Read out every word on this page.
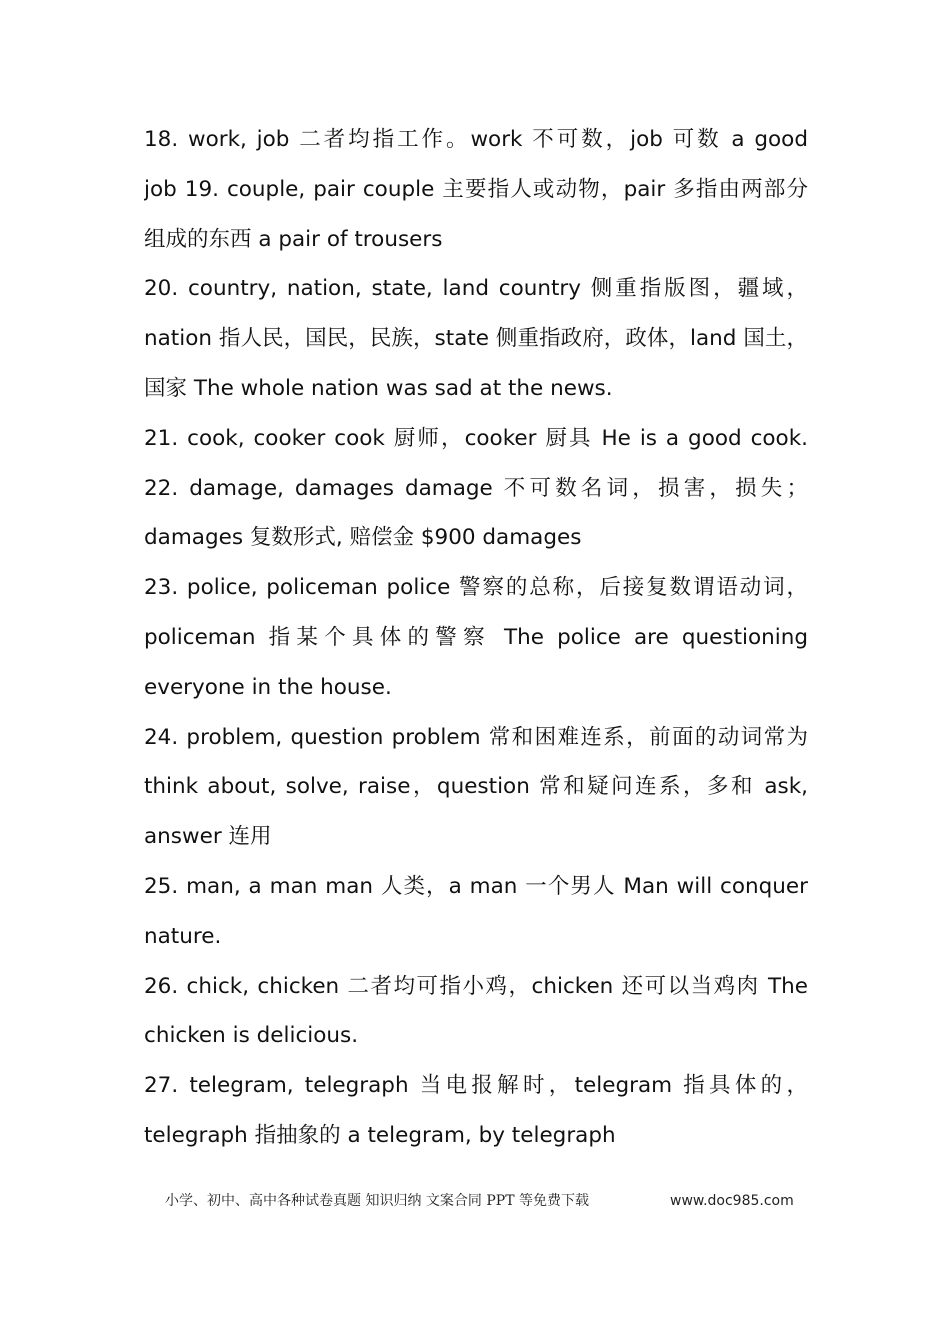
18. work, job 二者均指工作。work 不可数，job 可数 a good
job 19. couple, pair couple 主要指人或动物，pair 多指由两部分
组成的东西 a pair of trousers
20. country, nation, state, land country 侧重指版图，疆域，
nation 指人民，国民，民族，state 侧重指政府，政体，land 国土，
国家 The whole nation was sad at the news.
21. cook, cooker cook 厨师，cooker 厨具 He is a good cook.
22. damage, damages damage 不可数名词，损害，损失；
damages 复数形式, 赔偿金 $900 damages
23. police, policeman police 警察的总称，后接复数谓语动词，
policeman 指某个具体的警察 The police are questioning
everyone in the house.
24. problem, question problem 常和困难连系，前面的动词常为
think about, solve, raise，question 常和疑问连系，多和 ask,
answer 连用
25. man, a man man 人类，a man 一个男人 Man will conquer
nature.
26. chick, chicken 二者均可指小鸡，chicken 还可以当鸡肉 The
chicken is delicious.
27. telegram, telegraph 当电报解时，telegram 指具体的，
telegraph 指抽象的 a telegram, by telegraph
小学、初中、高中各种试卷真题 知识归纳 文案合同 PPT 等免费下载	www.doc985.com
